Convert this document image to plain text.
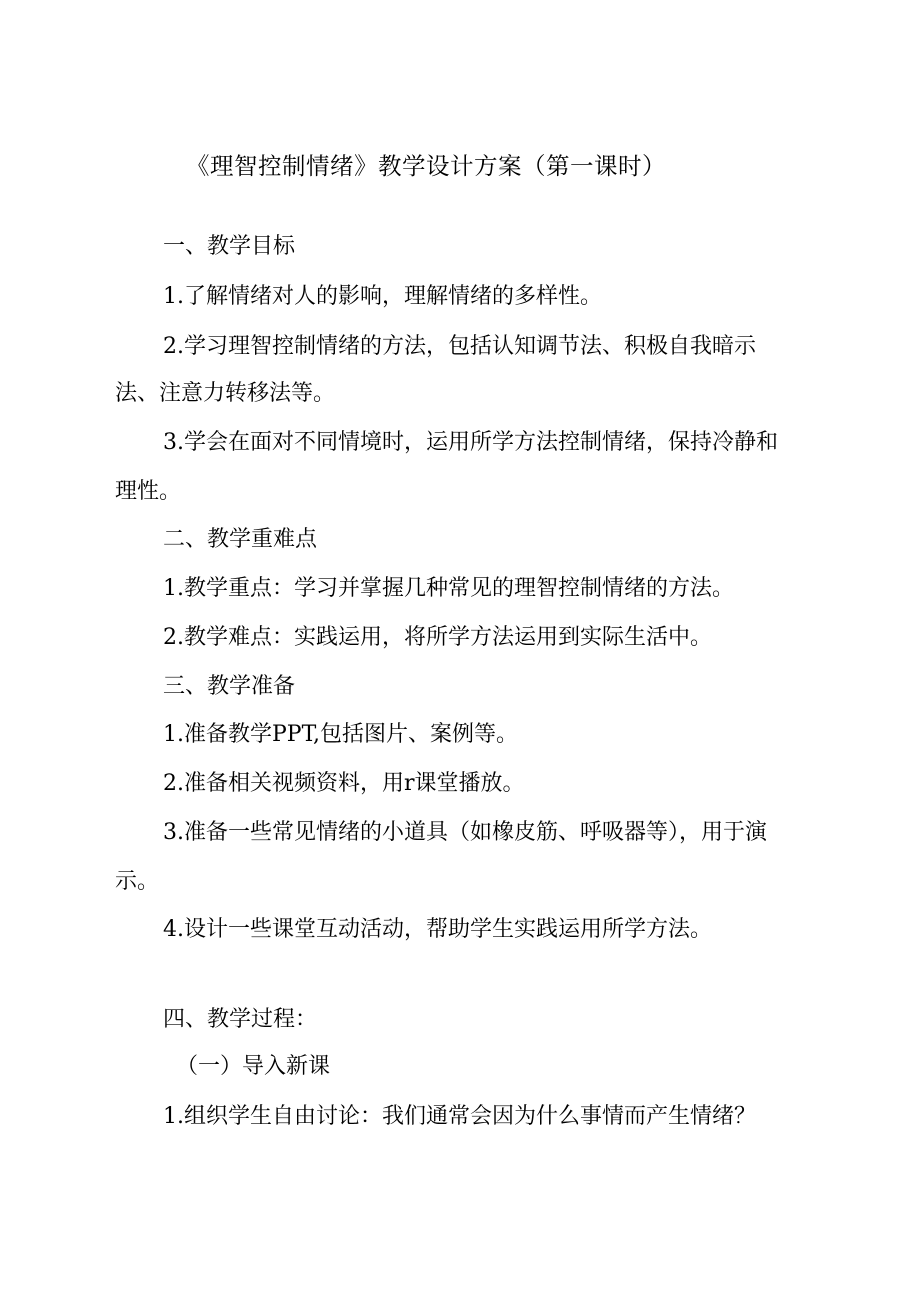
《理智控制情绪》教学设计方案（第一课时）
一、教学目标
1.了解情绪对人的影响，理解情绪的多样性。
2.学习理智控制情绪的方法，包括认知调节法、积极自我暗示
法、注意力转移法等。
3.学会在面对不同情境时，运用所学方法控制情绪，保持冷静和
理性。
二、教学重难点
1.教学重点：学习并掌握几种常见的理智控制情绪的方法。
2.教学难点：实践运用，将所学方法运用到实际生活中。
三、教学准备
1.准备教学PPT,包括图片、案例等。
2.准备相关视频资料，用r课堂播放。
3.准备一些常见情绪的小道具（如橡皮筋、呼吸器等），用于演
示。
4.设计一些课堂互动活动，帮助学生实践运用所学方法。
四、教学过程：
（一）导入新课
1.组织学生自由讨论：我们通常会因为什么事情而产生情绪？
